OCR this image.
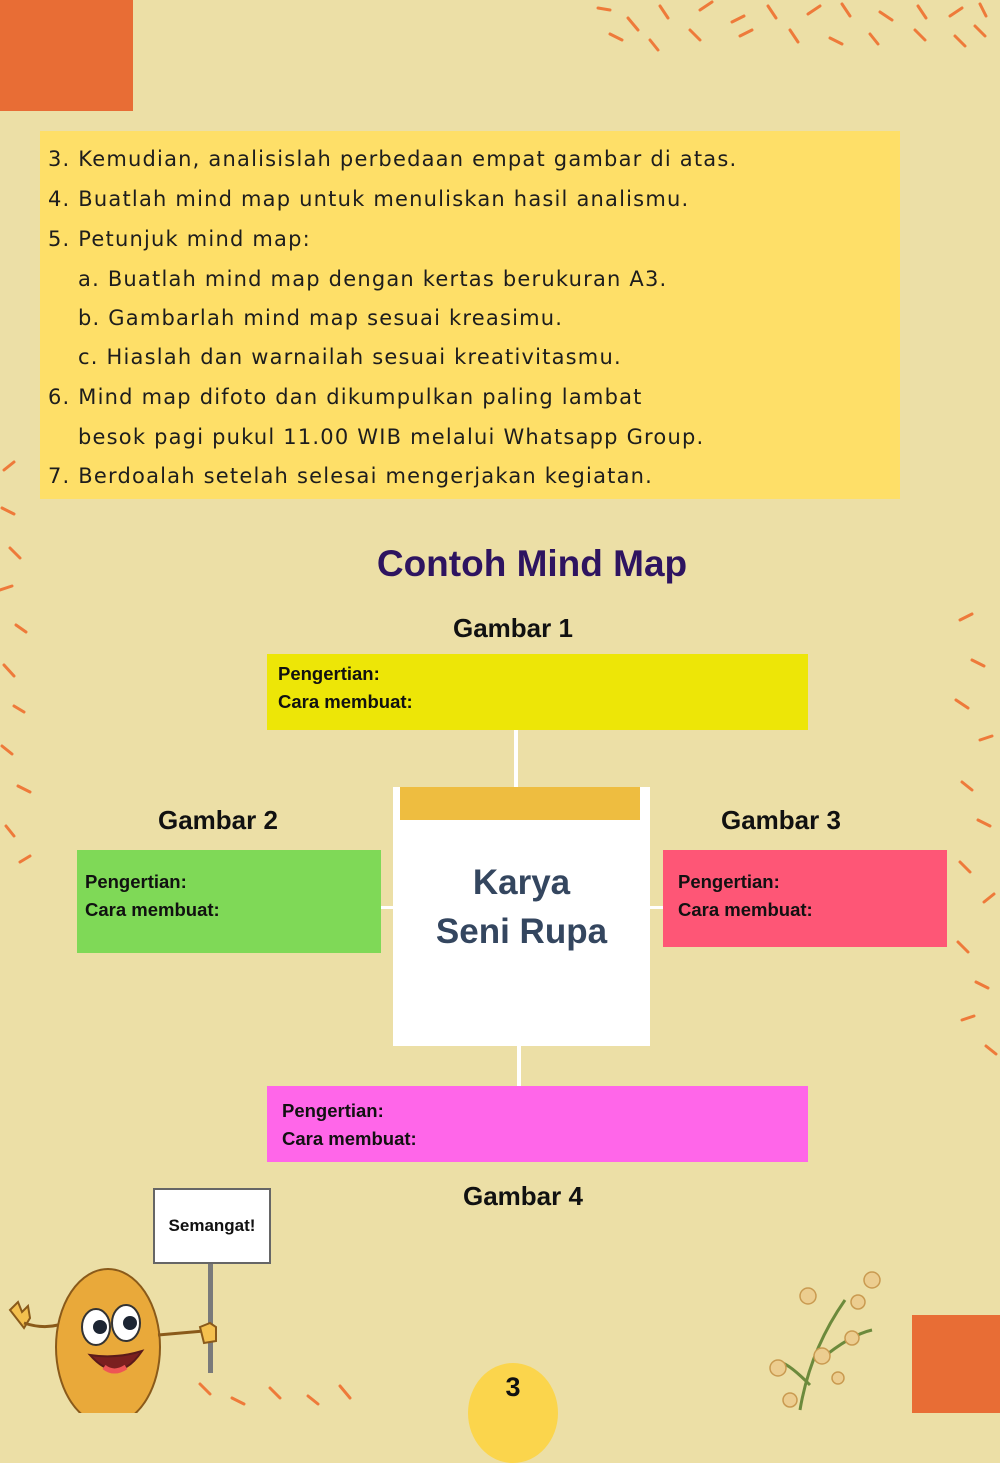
3. Kemudian, analisislah perbedaan empat gambar di atas.

4. Buatlah mind map untuk menuliskan hasil analismu.

5. Petunjuk mind map:

a. Buatlah mind map dengan kertas berukuran A3.

b. Gambarlah mind map sesuai kreasimu.

c. Hiaslah dan warnailah sesuai kreativitasmu.

6. Mind map difoto dan dikumpulkan paling lambat

besok pagi pukul 11.00 WIB melalui Whatsapp Group.

7. Berdoalah setelah selesai mengerjakan kegiatan.

Contoh Mind Map
Gambar 1
Pengertian:
Cara membuat:
Gambar 2
Pengertian:
Cara membuat:
Gambar 3
Pengertian:
Cara membuat:
Karya
Seni Rupa
Pengertian:
Cara membuat:
Gambar 4
Semangat!
3
